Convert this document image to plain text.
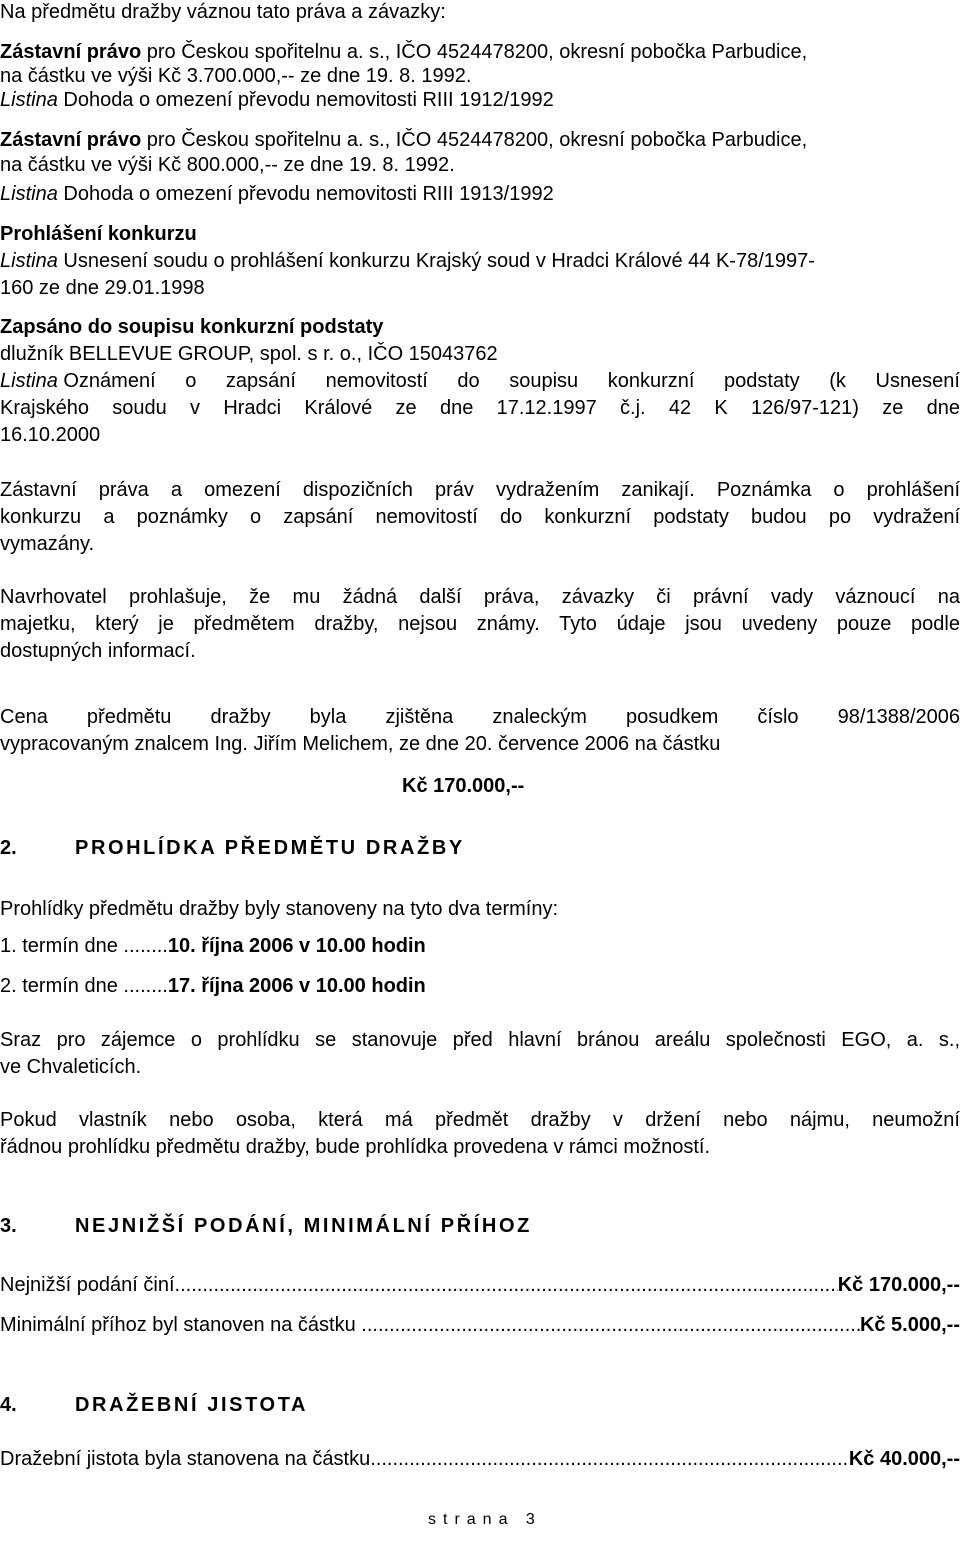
Na předmětu dražby váznou tato práva a závazky:
Zástavní právo pro Českou spořitelnu a. s., IČO 4524478200, okresní pobočka Parbudice,
na částku ve výši Kč 3.700.000,-- ze dne 19. 8. 1992.
Listina Dohoda o omezení převodu nemovitosti RIII 1912/1992
Zástavní právo pro Českou spořitelnu a. s., IČO 4524478200, okresní pobočka Parbudice,
na částku ve výši Kč 800.000,-- ze dne 19. 8. 1992.
Listina Dohoda o omezení převodu nemovitosti RIII 1913/1992
Prohlášení konkurzu
Listina Usnesení soudu o prohlášení konkurzu Krajský soud v Hradci Králové 44 K-78/1997-
160 ze dne 29.01.1998
Zapsáno do soupisu konkurzní podstaty
dlužník BELLEVUE GROUP, spol. s r. o., IČO 15043762
Listina
Oznámení o zapsání nemovitostí do soupisu konkurzní podstaty (k Usnesení
Krajského soudu v Hradci Králové ze dne 17.12.1997 č.j. 42 K 126/97-121) ze dne
16.10.2000
Zástavní práva a omezení dispozičních práv vydražením zanikají. Poznámka o prohlášení
konkurzu a poznámky o zapsání nemovitostí do konkurzní podstaty budou po vydražení
vymazány.
Navrhovatel prohlašuje, že mu žádná další práva, závazky či právní vady váznoucí na
majetku, který je předmětem dražby, nejsou známy. Tyto údaje jsou uvedeny pouze podle
dostupných informací.
Cena předmětu dražby byla zjištěna znaleckým posudkem číslo 98/1388/2006
vypracovaným znalcem Ing. Jiřím Melichem, ze dne 20. července 2006 na částku
Kč 170.000,--
2.	PROHLÍDKA PŘEDMĚTU DRAŽBY
Prohlídky předmětu dražby byly stanoveny na tyto dva termíny:
1. termín dne ........10. října 2006 v 10.00 hodin
2. termín dne ........17. října 2006 v 10.00 hodin
Sraz pro zájemce o prohlídku se stanovuje před hlavní bránou areálu společnosti EGO, a. s.,
ve Chvaleticích.
Pokud vlastník nebo osoba, která má předmět dražby v držení nebo nájmu, neumožní
řádnou prohlídku předmětu dražby, bude prohlídka provedena v rámci možností.
3.	NEJNIŽŠÍ PODÁNÍ, MINIMÁLNÍ PŘÍHOZ
Nejnižší podání činí .....	Kč 170.000,--
Minimální příhoz byl stanoven na částku
.....	Kč 5.000,--
4.	DRAŽEBNÍ JISTOTA
Dražební jistota byla stanovena na částku .....	Kč 40.000,--
strana 3
